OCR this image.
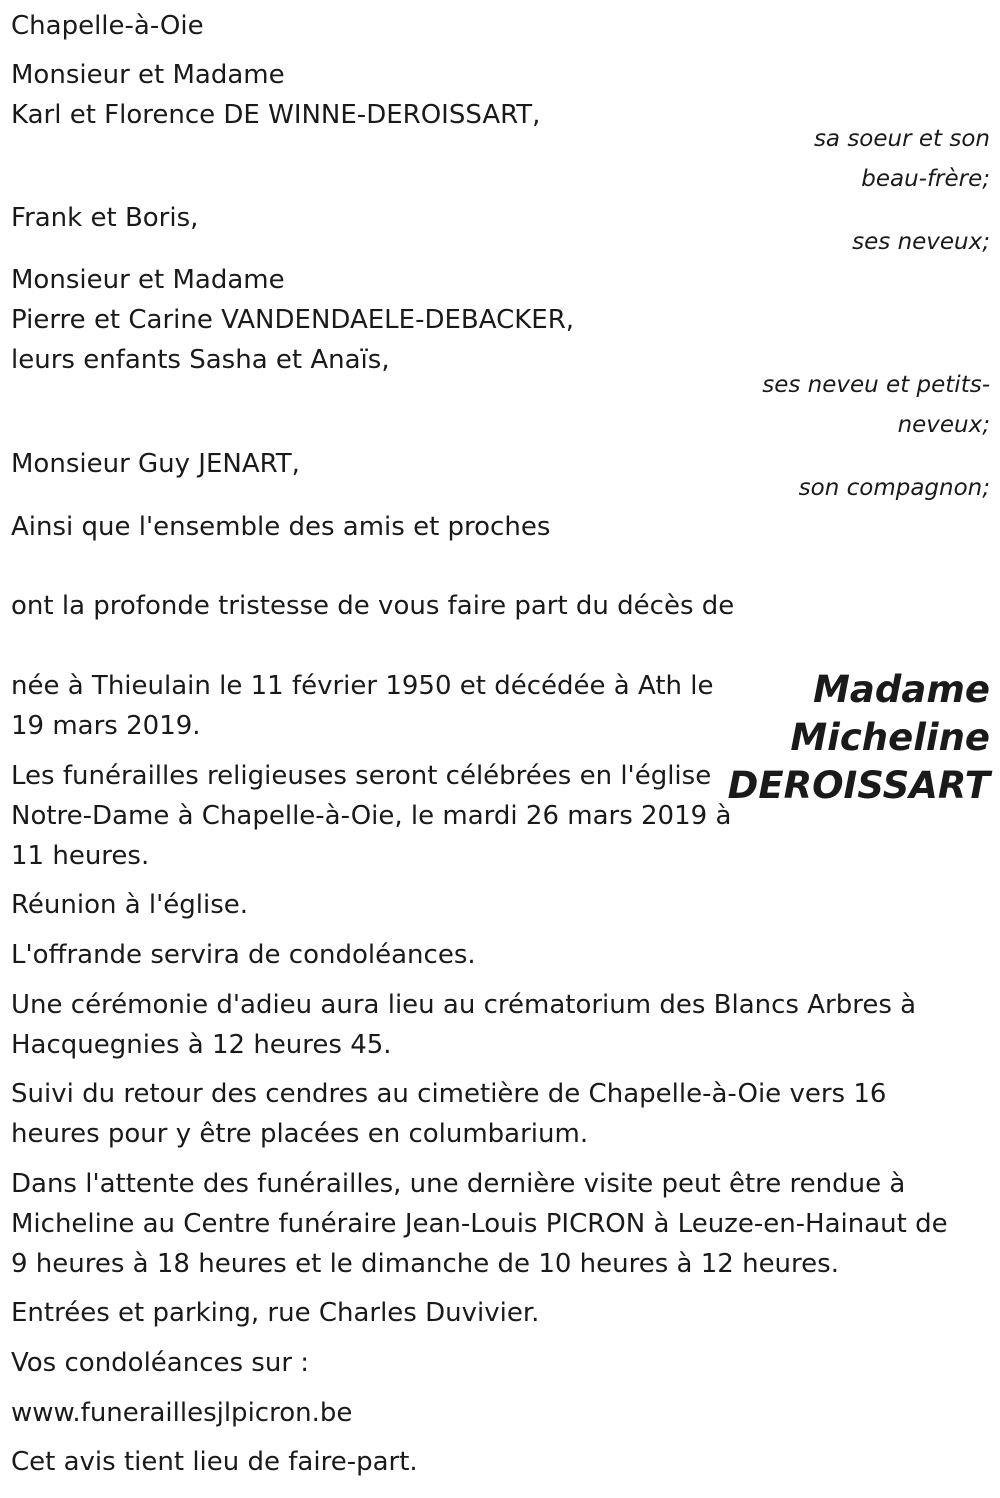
Chapelle-à-Oie

Monsieur et Madame

Karl et Florence DE WINNE-DEROISSART,

sa soeur et son

beau-frère;

Frank et Boris,

ses neveux;

Monsieur et Madame

Pierre et Carine VANDENDAELE-DEBACKER,

leurs enfants Sasha et Anaïs,

ses neveu et petits-

neveux;

Monsieur Guy JENART,

son compagnon;

Ainsi que l'ensemble des amis et proches

ont la profonde tristesse de vous faire part du décès de

Madame
Micheline
DEROISSART

née à Thieulain le 11 février 1950 et décédée à Ath le

19 mars 2019.

Les funérailles religieuses seront célébrées en l'église

Notre-Dame à Chapelle-à-Oie, le mardi 26 mars 2019 à

11 heures.

Réunion à l'église.

L'offrande servira de condoléances.

Une cérémonie d'adieu aura lieu au crématorium des Blancs Arbres à

Hacquegnies à 12 heures 45.

Suivi du retour des cendres au cimetière de Chapelle-à-Oie vers 16

heures pour y être placées en columbarium.

Dans l'attente des funérailles, une dernière visite peut être rendue à

Micheline au Centre funéraire Jean-Louis PICRON à Leuze-en-Hainaut de

9 heures à 18 heures et le dimanche de 10 heures à 12 heures.

Entrées et parking, rue Charles Duvivier.

Vos condoléances sur :

www.funeraillesjlpicron.be

Cet avis tient lieu de faire-part.
